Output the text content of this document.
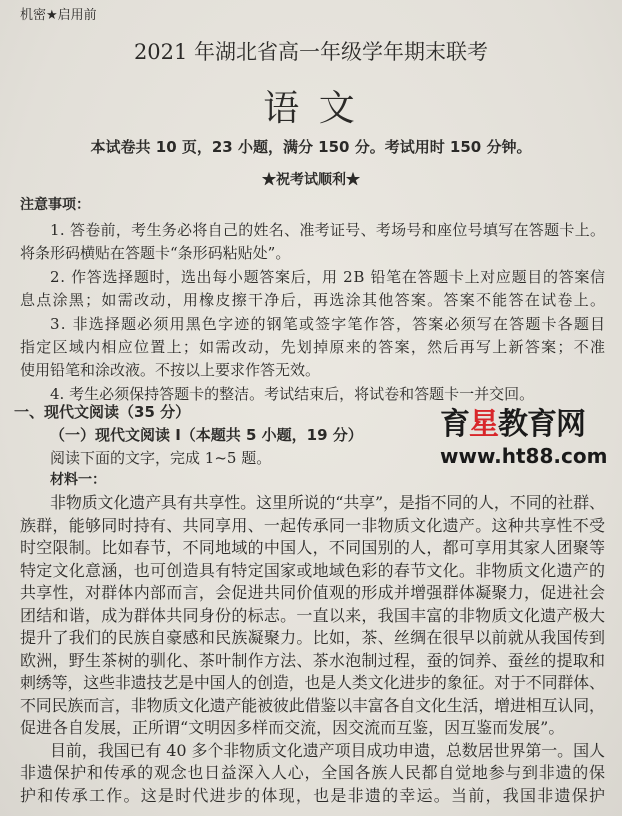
机密★启用前
2021 年湖北省高一年级学年期末联考
语 文
本试卷共 10 页，23 小题，满分 150 分。考试用时 150 分钟。
★祝考试顺利★
注意事项：
1. 答卷前，考生务必将自己的姓名、准考证号、考场号和座位号填写在答题卡上。
将条形码横贴在答题卡“条形码粘贴处”。
2. 作答选择题时，选出每小题答案后，用 2B 铅笔在答题卡上对应题目的答案信
息点涂黑；如需改动，用橡皮擦干净后，再选涂其他答案。答案不能答在试卷上。
3. 非选择题必须用黑色字迹的钢笔或签字笔作答，答案必须写在答题卡各题目
指定区域内相应位置上；如需改动，先划掉原来的答案，然后再写上新答案；不准
使用铅笔和涂改液。不按以上要求作答无效。
4. 考生必须保持答题卡的整洁。考试结束后，将试卷和答题卡一并交回。
一、现代文阅读（35 分）
（一）现代文阅读 I（本题共 5 小题，19 分）
阅读下面的文字，完成 1~5 题。
材料一：
非物质文化遗产具有共享性。这里所说的“共享”，是指不同的人，不同的社群、
族群，能够同时持有、共同享用、一起传承同一非物质文化遗产。这种共享性不受
时空限制。比如春节，不同地域的中国人，不同国别的人，都可享用其家人团聚等
特定文化意涵，也可创造具有特定国家或地域色彩的春节文化。非物质文化遗产的
共享性，对群体内部而言，会促进共同价值观的形成并增强群体凝聚力，促进社会
团结和谐，成为群体共同身份的标志。一直以来，我国丰富的非物质文化遗产极大
提升了我们的民族自豪感和民族凝聚力。比如，茶、丝绸在很早以前就从我国传到
欧洲，野生茶树的驯化、茶叶制作方法、茶水泡制过程，蚕的饲养、蚕丝的提取和
刺绣等，这些非遗技艺是中国人的创造，也是人类文化进步的象征。对于不同群体、
不同民族而言，非物质文化遗产能被彼此借鉴以丰富各自文化生活，增进相互认同，
促进各自发展，正所谓“文明因多样而交流，因交流而互鉴，因互鉴而发展”。
目前，我国已有 40 多个非物质文化遗产项目成功申遗，总数居世界第一。国人
非遗保护和传承的观念也日益深入人心，全国各族人民都自觉地参与到非遗的保
护和传承工作。这是时代进步的体现，也是非遗的幸运。当前，我国非遗保护
育星教育网
www.ht88.com
